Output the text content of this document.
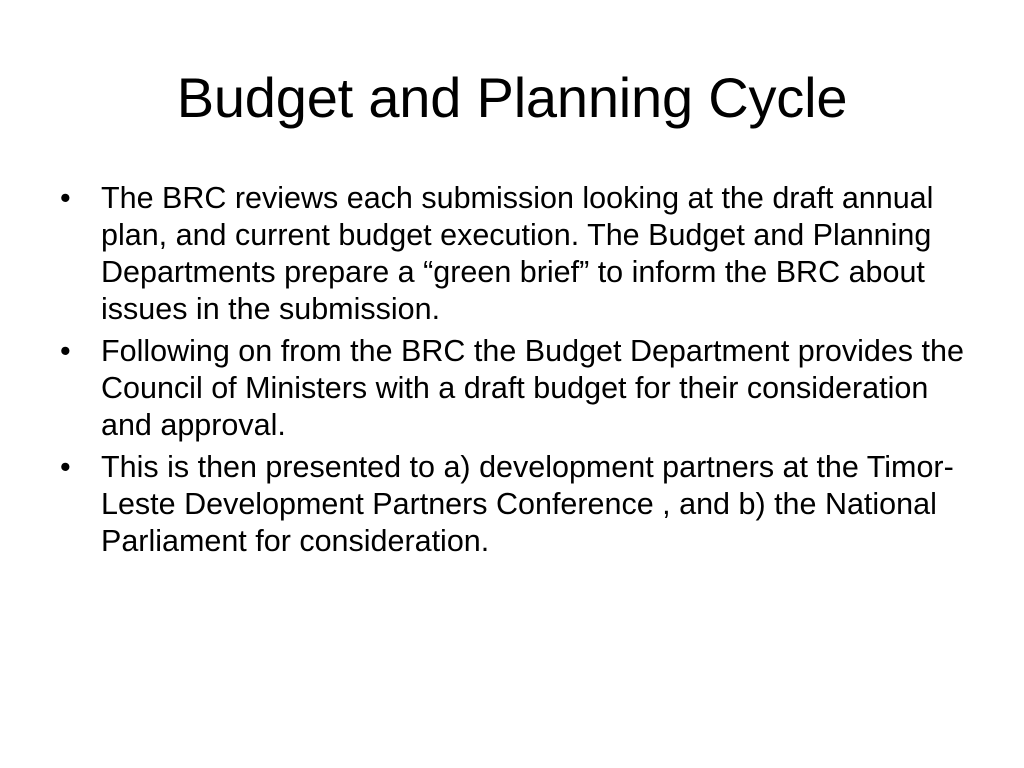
Budget and Planning Cycle
• The BRC reviews each submission looking at the draft annual plan, and current budget execution. The Budget and Planning Departments prepare a “green brief” to inform the BRC about issues in the submission.
• Following on from the BRC the Budget Department provides the Council of Ministers with a draft budget for their consideration and approval.
• This is then presented to a) development partners at the Timor-Leste Development Partners Conference , and b) the National Parliament for consideration.
